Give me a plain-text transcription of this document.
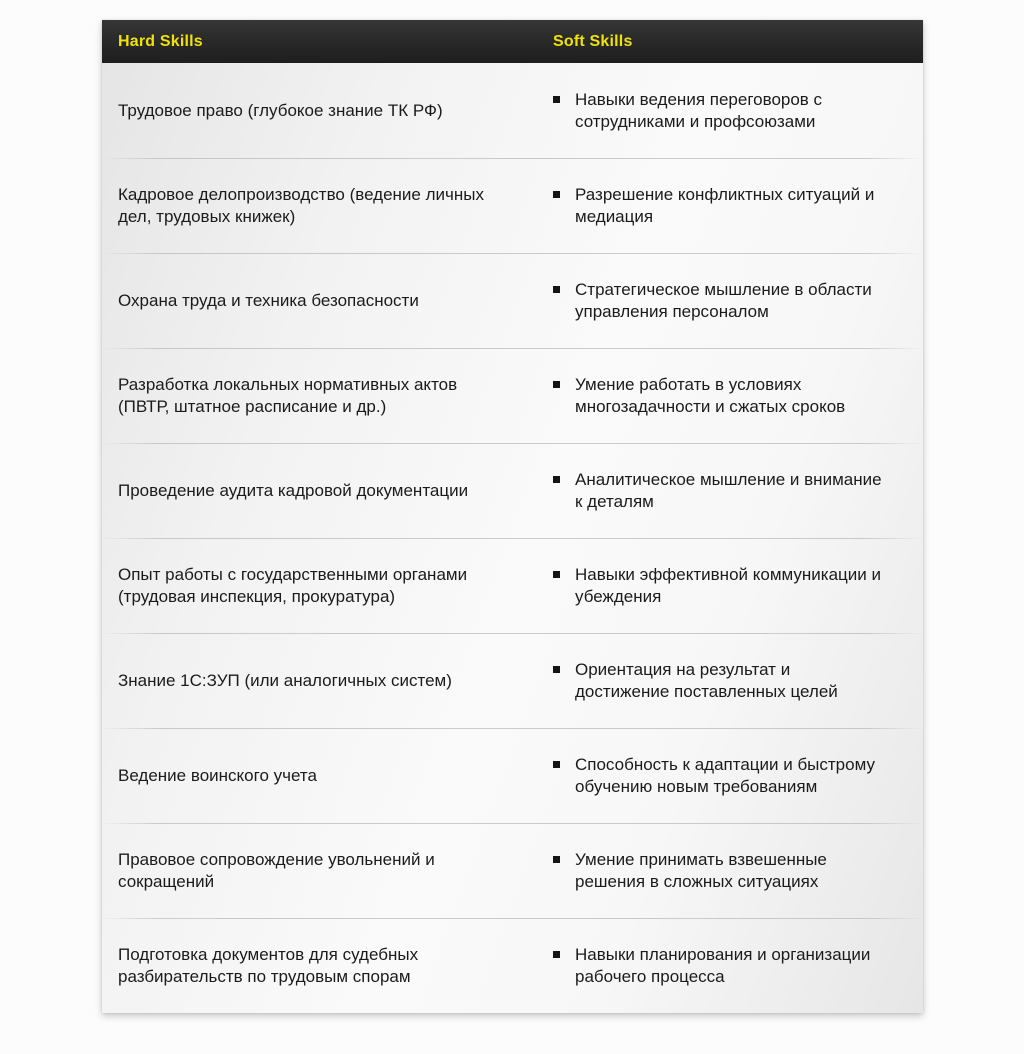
Hard Skills	Soft Skills
Трудовое право (глубокое знание ТК РФ)
Навыки ведения переговоров с сотрудниками и профсоюзами
Кадровое делопроизводство (ведение личных дел, трудовых книжек)
Разрешение конфликтных ситуаций и медиация
Охрана труда и техника безопасности
Стратегическое мышление в области управления персоналом
Разработка локальных нормативных актов (ПВТР, штатное расписание и др.)
Умение работать в условиях многозадачности и сжатых сроков
Проведение аудита кадровой документации
Аналитическое мышление и внимание к деталям
Опыт работы с государственными органами (трудовая инспекция, прокуратура)
Навыки эффективной коммуникации и убеждения
Знание 1С:ЗУП (или аналогичных систем)
Ориентация на результат и достижение поставленных целей
Ведение воинского учета
Способность к адаптации и быстрому обучению новым требованиям
Правовое сопровождение увольнений и сокращений
Умение принимать взвешенные решения в сложных ситуациях
Подготовка документов для судебных разбирательств по трудовым спорам
Навыки планирования и организации рабочего процесса
